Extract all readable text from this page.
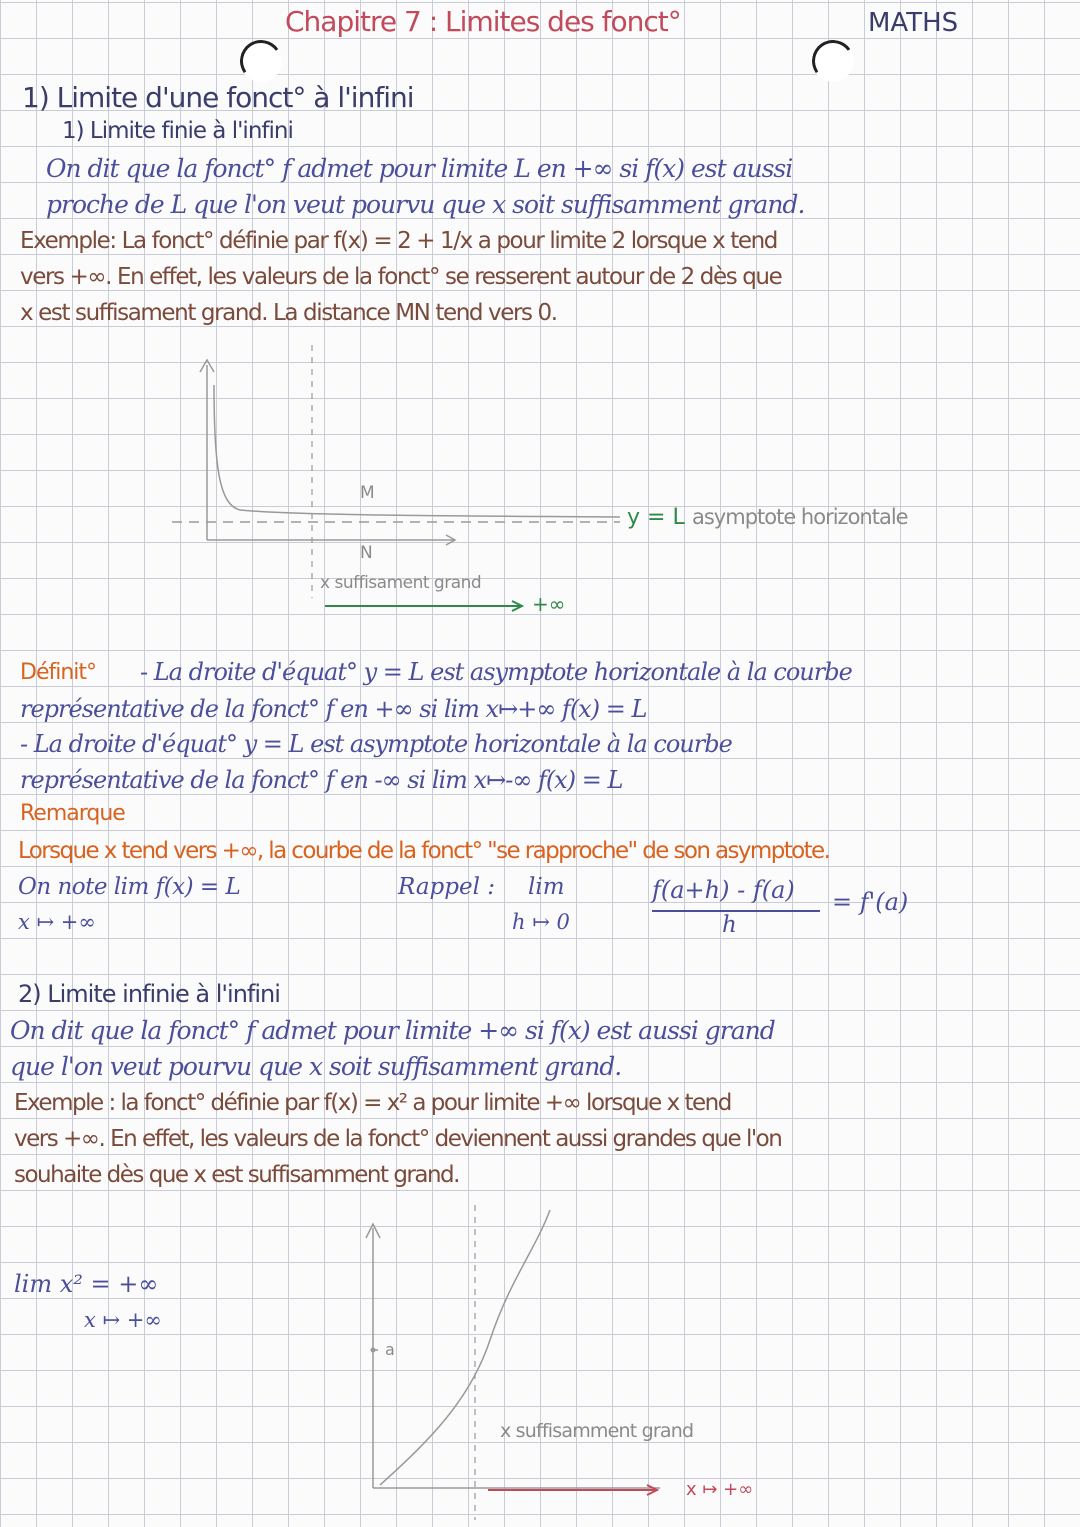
Chapitre 7 : Limites des fonct°	MATHS
1) Limite d'une fonct° à l'infini
1) Limite finie à l'infini
On dit que la fonct° f admet pour limite L en +∞ si f(x) est aussi
proche de L que l'on veut pourvu que x soit suffisamment grand.
Exemple: La fonct° définie par f(x) = 2 + 1/x a pour limite 2 lorsque x tend
vers +∞. En effet, les valeurs de la fonct° se resserent autour de 2 dès que
x est suffisament grand. La distance MN tend vers 0.
M
N
y = L asymptote horizontale
x suffisament grand
+∞
Définit° - La droite d'équat° y = L est asymptote horizontale à la courbe
représentative de la fonct° f en +∞ si lim x↦+∞ f(x) = L
- La droite d'équat° y = L est asymptote horizontale à la courbe
représentative de la fonct° f en -∞ si lim x↦-∞ f(x) = L
Remarque
Lorsque x tend vers +∞, la courbe de la fonct° "se rapproche" de son asymptote.
On note lim f(x) = L
x ↦ +∞
Rappel : lim
h ↦ 0
f(a+h) - f(a)
h
= f'(a)
2) Limite infinie à l'infini
On dit que la fonct° f admet pour limite +∞ si f(x) est aussi grand
que l'on veut pourvu que x soit suffisamment grand.
Exemple : la fonct° définie par f(x) = x² a pour limite +∞ lorsque x tend
vers +∞. En effet, les valeurs de la fonct° deviennent aussi grandes que l'on
souhaite dès que x est suffisamment grand.
lim x² = +∞
x ↦ +∞
a
x suffisamment grand
x ↦ +∞
